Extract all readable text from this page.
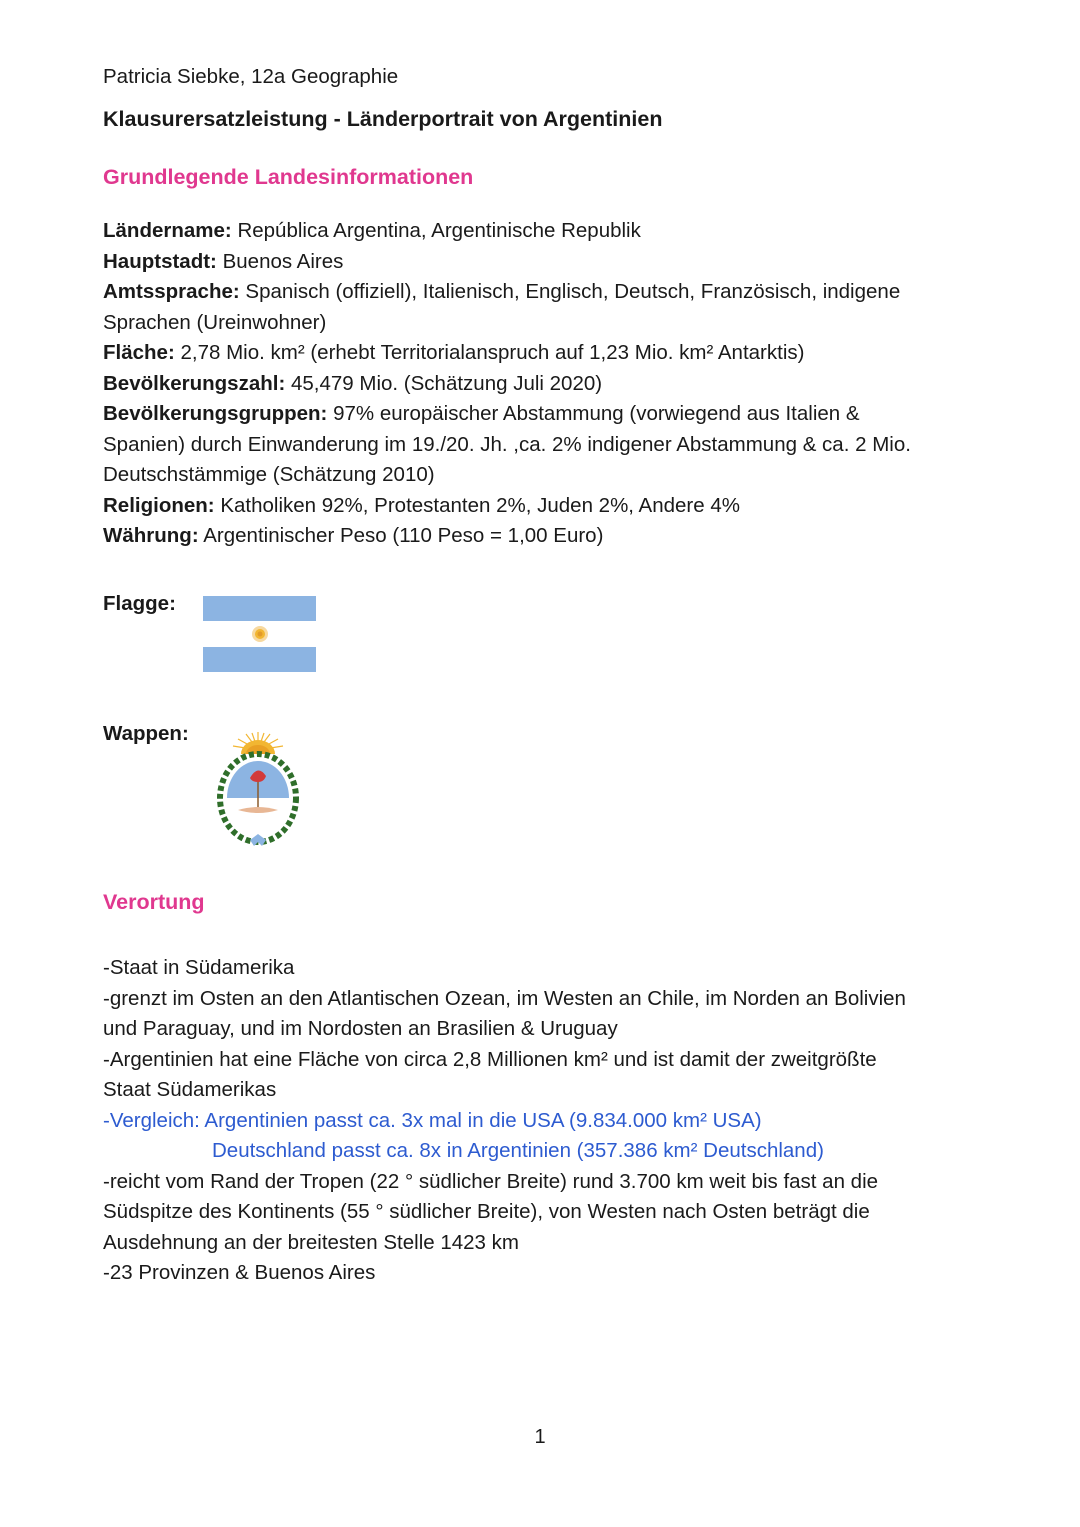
Patricia Siebke, 12a Geographie

Klausurersatzleistung - Länderportrait von Argentinien

Grundlegende Landesinformationen

Ländername: República Argentina, Argentinische Republik

Hauptstadt: Buenos Aires

Amtssprache: Spanisch (offiziell), Italienisch, Englisch, Deutsch, Französisch, indigene

Sprachen (Ureinwohner)

Fläche: 2,78 Mio. km² (erhebt Territorialanspruch auf 1,23 Mio. km² Antarktis)

Bevölkerungszahl: 45,479 Mio. (Schätzung Juli 2020)

Bevölkerungsgruppen: 97% europäischer Abstammung (vorwiegend aus Italien &

Spanien) durch Einwanderung im 19./20. Jh. ,ca. 2% indigener Abstammung & ca. 2 Mio.

Deutschstämmige (Schätzung 2010)

Religionen: Katholiken 92%, Protestanten 2%, Juden 2%, Andere 4%

Währung: Argentinischer Peso (110 Peso = 1,00 Euro)

Flagge:
Wappen:

Verortung

-Staat in Südamerika

-grenzt im Osten an den Atlantischen Ozean, im Westen an Chile, im Norden an Bolivien

und Paraguay, und im Nordosten an Brasilien & Uruguay

-Argentinien hat eine Fläche von circa 2,8 Millionen km² und ist damit der zweitgrößte

Staat Südamerikas

-Vergleich: Argentinien passt ca. 3x mal in die USA (9.834.000 km² USA)

Deutschland passt ca. 8x in Argentinien (357.386 km² Deutschland)

-reicht vom Rand der Tropen (22 ° südlicher Breite) rund 3.700 km weit bis fast an die

Südspitze des Kontinents (55 ° südlicher Breite), von Westen nach Osten beträgt die

Ausdehnung an der breitesten Stelle 1423 km

-23 Provinzen & Buenos Aires

1
